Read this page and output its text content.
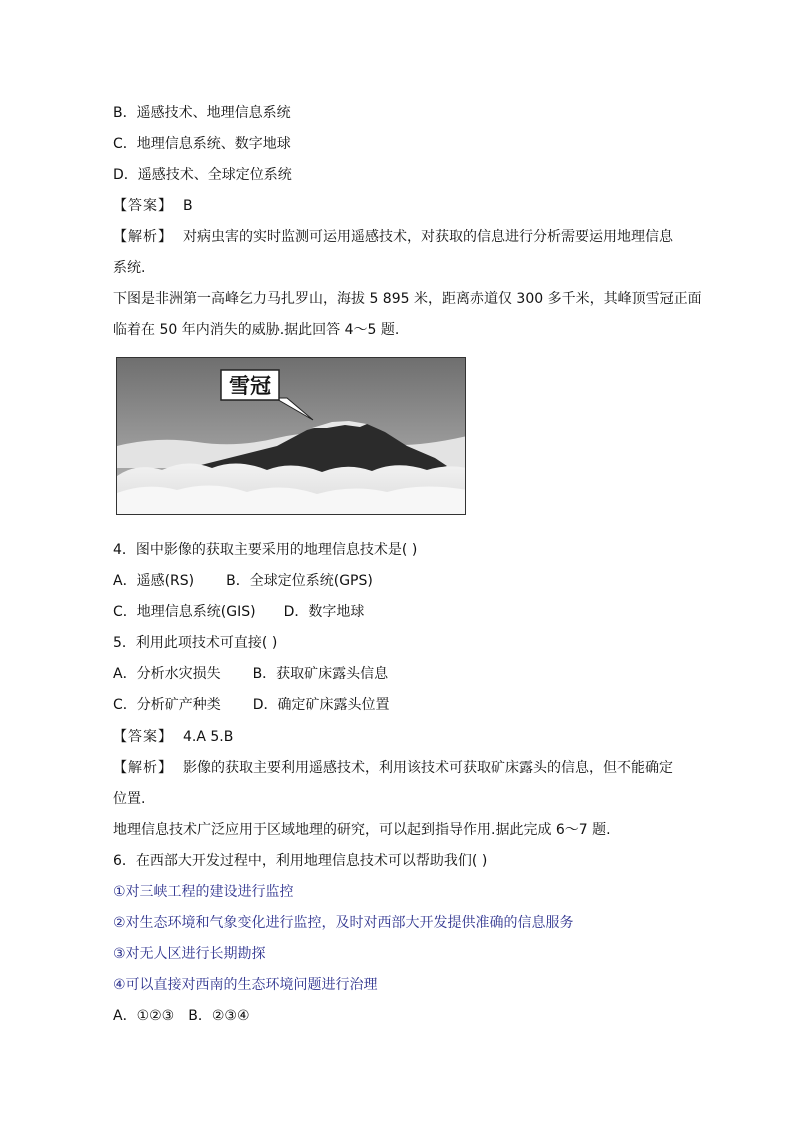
B．遥感技术、地理信息系统
C．地理信息系统、数字地球
D．遥感技术、全球定位系统
【答案】 B
【解析】 对病虫害的实时监测可运用遥感技术，对获取的信息进行分析需要运用地理信息
系统.
下图是非洲第一高峰乞力马扎罗山，海拔 5 895 米，距离赤道仅 300 多千米，其峰顶雪冠正面
临着在 50 年内消失的威胁.据此回答 4～5 题.
雪冠
4．图中影像的获取主要采用的地理信息技术是( )
A．遥感(RS) B．全球定位系统(GPS)
C．地理信息系统(GIS) D．数字地球
5．利用此项技术可直接( )
A．分析水灾损失 B．获取矿床露头信息
C．分析矿产种类 D．确定矿床露头位置
【答案】 4.A 5.B
【解析】 影像的获取主要利用遥感技术，利用该技术可获取矿床露头的信息，但不能确定
位置.
地理信息技术广泛应用于区域地理的研究，可以起到指导作用.据此完成 6～7 题.
6．在西部大开发过程中，利用地理信息技术可以帮助我们( )
①对三峡工程的建设进行监控
②对生态环境和气象变化进行监控，及时对西部大开发提供准确的信息服务
③对无人区进行长期勘探
④可以直接对西南的生态环境问题进行治理
A．①②③ B．②③④
